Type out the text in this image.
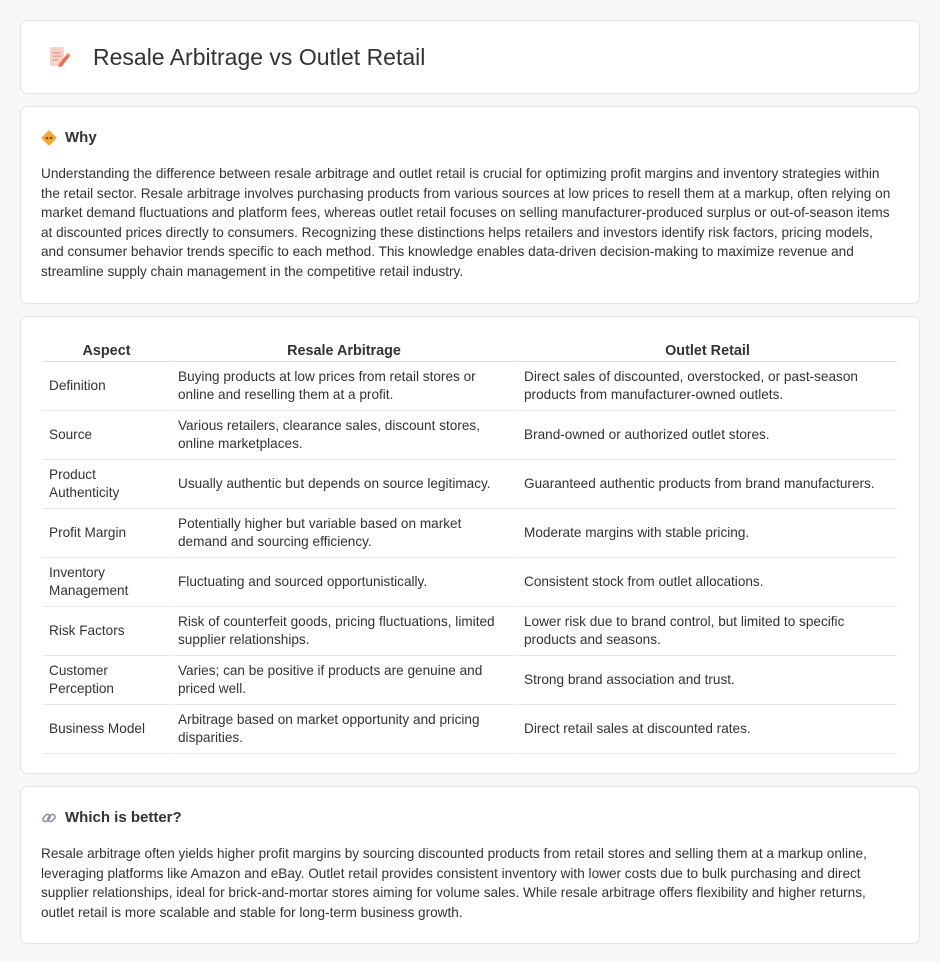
Resale Arbitrage vs Outlet Retail
Why

Understanding the difference between resale arbitrage and outlet retail is crucial for optimizing profit margins and inventory strategies within the retail sector. Resale arbitrage involves purchasing products from various sources at low prices to resell them at a markup, often relying on market demand fluctuations and platform fees, whereas outlet retail focuses on selling manufacturer-produced surplus or out-of-season items at discounted prices directly to consumers. Recognizing these distinctions helps retailers and investors identify risk factors, pricing models, and consumer behavior trends specific to each method. This knowledge enables data-driven decision-making to maximize revenue and streamline supply chain management in the competitive retail industry.

Aspect	Resale Arbitrage	Outlet Retail
Definition	Buying products at low prices from retail stores or online and reselling them at a profit.	Direct sales of discounted, overstocked, or past-season products from manufacturer-owned outlets.
Source	Various retailers, clearance sales, discount stores, online marketplaces.	Brand-owned or authorized outlet stores.
Product Authenticity	Usually authentic but depends on source legitimacy.	Guaranteed authentic products from brand manufacturers.
Profit Margin	Potentially higher but variable based on market demand and sourcing efficiency.	Moderate margins with stable pricing.
Inventory Management	Fluctuating and sourced opportunistically.	Consistent stock from outlet allocations.
Risk Factors	Risk of counterfeit goods, pricing fluctuations, limited supplier relationships.	Lower risk due to brand control, but limited to specific products and seasons.
Customer Perception	Varies; can be positive if products are genuine and priced well.	Strong brand association and trust.
Business Model	Arbitrage based on market opportunity and pricing disparities.	Direct retail sales at discounted rates.
Which is better?

Resale arbitrage often yields higher profit margins by sourcing discounted products from retail stores and selling them at a markup online, leveraging platforms like Amazon and eBay. Outlet retail provides consistent inventory with lower costs due to bulk purchasing and direct supplier relationships, ideal for brick-and-mortar stores aiming for volume sales. While resale arbitrage offers flexibility and higher returns, outlet retail is more scalable and stable for long-term business growth.
